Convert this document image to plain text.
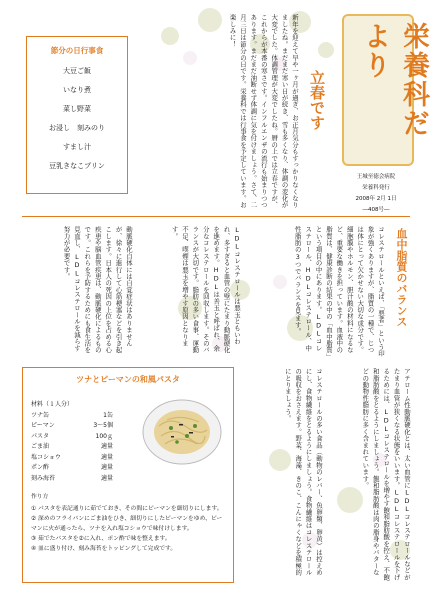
栄養科だより
王城至徳会病院
栄養科発行
2008年 2月 1日
―408号―
立春です
新年を迎えて早や一ヶ月が過ぎ、お正月気分もすっかりなくなりましたね。まだまだ寒い日が続き、雪も多くなり、体調の変化が大変でした。体調管理が大変でしたね。暦の上では立春ですが、これからが本番の寒さです。インフルエンザの流行も始まりつつあります。まだまだ油断せず体調に気を付けましょう。さて、二月三日は節分の日です。栄養科では行事食を予定しています。お楽しみに！
節分の日行事食
大豆ご飯
いなり煮
菜し野菜
お浸し　刻みのり
すまし汁
豆乳きなこプリン
血中脂質のバランス
コレステロールといえば、「悪者」という印象が強くありますが、脂質の一種で、じつは体にとって欠かせない大切な成分です。細胞膜やホルモン、胆汁酸の材料になるなど、重要な働きを担っています。血液中の脂質は、健康診断の結果の中の「血中脂質」という項目の中にあります。LDLコレステロール、HDLコレステロール、中性脂肪の3つでバランスを見ます。
LDLコレステロールは悪玉ともいわれ、多すぎると血管の壁にたまり動脈硬化を進めます。HDLは善玉と呼ばれ、余分なコレステロールを回収します。そのバランスが大切です。脂肪の多い食事、運動不足、喫煙は悪玉を増やす原因となります。
動脈硬化自体には自覚症状はありませんが、徐々に進行して心筋梗塞などを引き起こします。日本人の死因の上位を占める心疾患や脳血管疾患は、動脈硬化によるものです。これらを予防するためにも食生活を見直し、LDLコレステロールを減らす努力が必要です。
アテローム性動脈硬化とは、太い血管にLDLコレステロールなどがたまり血管が狭くなる状態をいいます。LDLコレステロールを下げるためには、LDLコレステロールを増やす飽和脂肪酸を控え、不飽和脂肪酸をとるようにしましょう。飽和脂肪酸は肉の脂身やバターなどの動物性脂肪に多く含まれています。
コレステロールの多い食品（動物のレバー、魚卵類、卵黄）は控えめにし、食物繊維をとるようにしましょう。食物繊維はコレステロールの吸収をおさえます。野菜、海藻、きのこ、こんにゃくなどを積極的にとりましょう。
ツナとピーマンの和風パスタ
材料（１人分）
ツナ缶	1缶
ピーマン	3〜5個
パスタ	100ｇ
ごま油	適量
塩コショウ	適量
ポン酢	適量
刻み海苔	適量
作り方
① パスタを表記通りに茹でておき、その間にピーマンを細切りにします。
② 深めのフライパンにごま油をひき、細切りにしたピーマンをゆめ、ピーマンに火が通ったら、ツナを入れ塩コショウで味付けします。
③ 茹でたパスタを②に入れ、ポン酢で味を整えます。
④ 皿に盛り付け、刻み海苔をトッピングして完成です。
